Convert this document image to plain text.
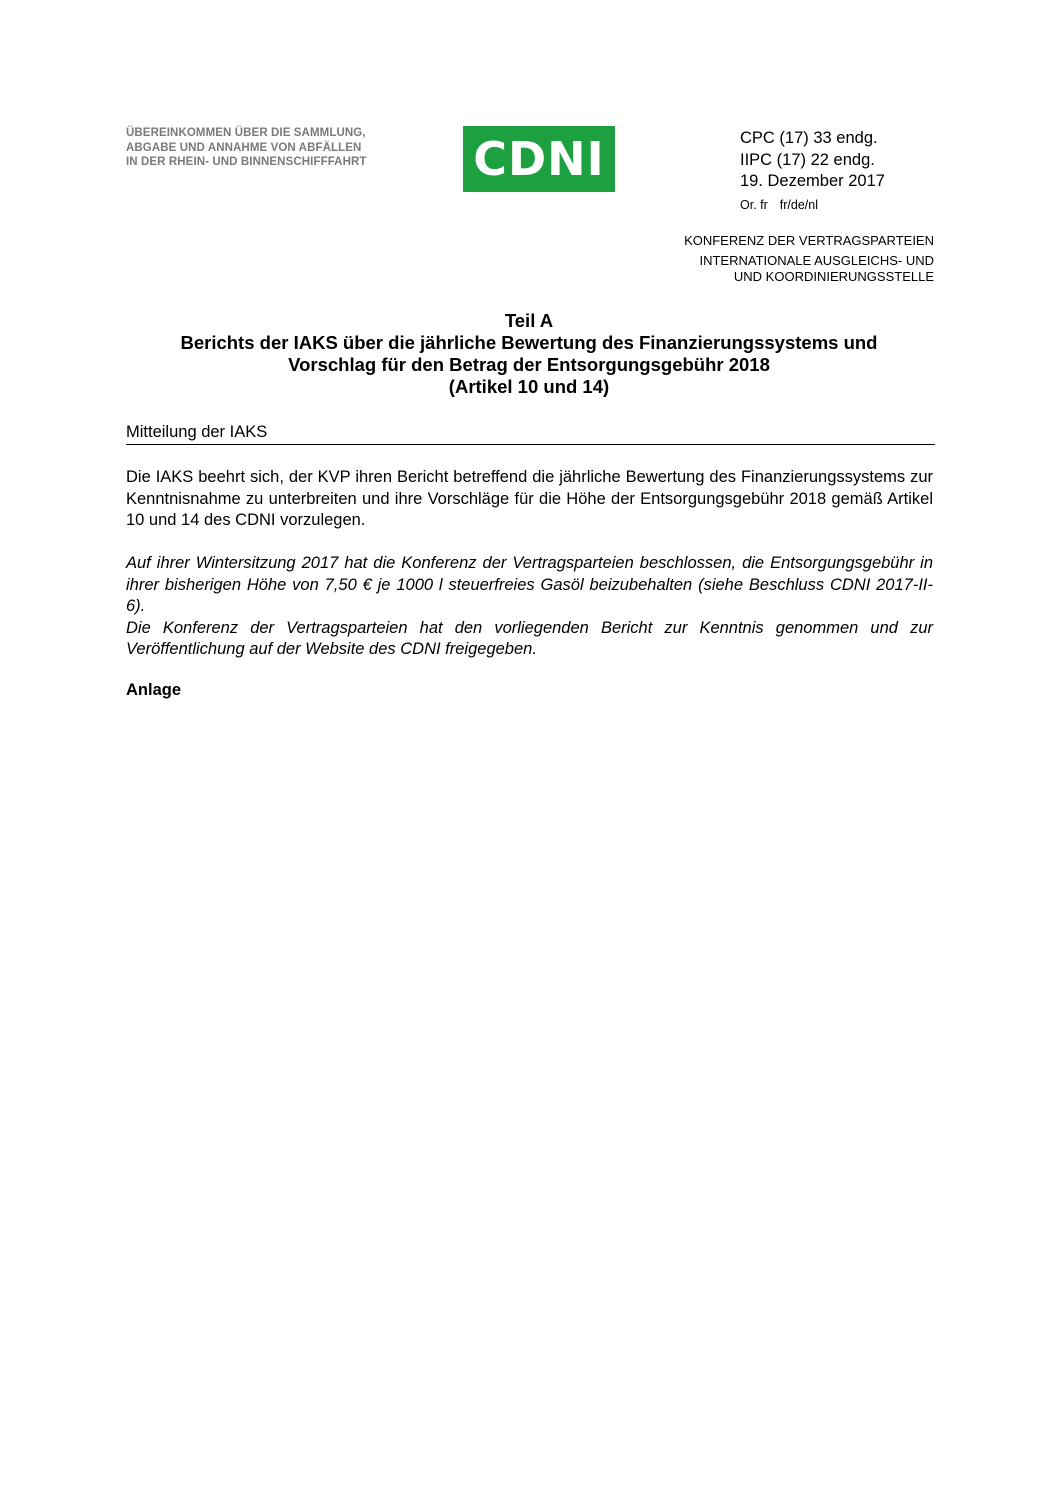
ÜBEREINKOMMEN ÜBER DIE SAMMLUNG,
ABGABE UND ANNAHME VON ABFÄLLEN
IN DER RHEIN- UND BINNENSCHIFFFAHRT CDNI	CPC (17) 33 endg.
IIPC (17) 22 endg.
19. Dezember 2017
Or. fr fr/de/nl
KONFERENZ DER VERTRAGSPARTEIEN
INTERNATIONALE AUSGLEICHS- UND
UND KOORDINIERUNGSSTELLE
Teil A
Berichts der IAKS über die jährliche Bewertung des Finanzierungssystems und
Vorschlag für den Betrag der Entsorgungsgebühr 2018
(Artikel 10 und 14)
Mitteilung der IAKS
Die IAKS beehrt sich, der KVP ihren Bericht betreffend die jährliche Bewertung des Finanzierungssystems zur Kenntnisnahme zu unterbreiten und ihre Vorschläge für die Höhe der Entsorgungsgebühr 2018 gemäß Artikel 10 und 14 des CDNI vorzulegen.
Auf ihrer Wintersitzung 2017 hat die Konferenz der Vertragsparteien beschlossen, die Entsorgungsgebühr in ihrer bisherigen Höhe von 7,50 € je 1000 l steuerfreies Gasöl beizubehalten (siehe Beschluss CDNI 2017-II-6).
Die Konferenz der Vertragsparteien hat den vorliegenden Bericht zur Kenntnis genommen und zur Veröffentlichung auf der Website des CDNI freigegeben.
Anlage
